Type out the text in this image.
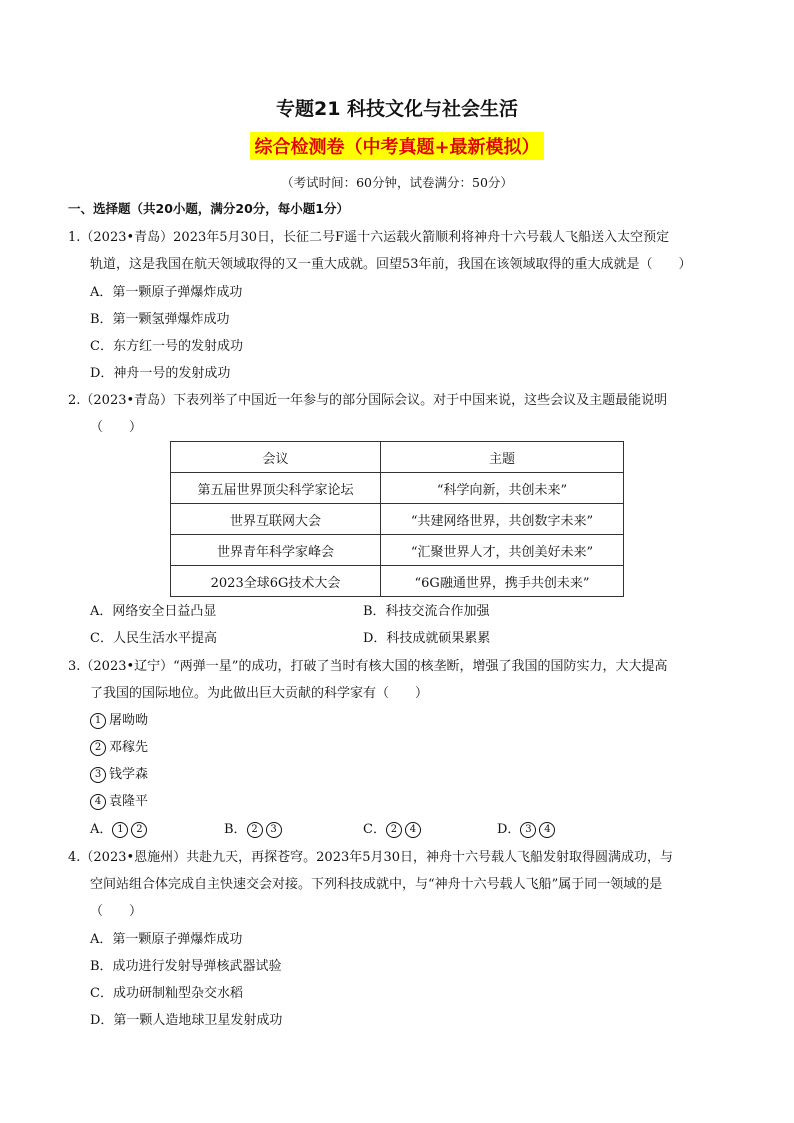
专题21 科技文化与社会生活
综合检测卷（中考真题+最新模拟）
（考试时间：60分钟，试卷满分：50分）
一、选择题（共20小题，满分20分，每小题1分）
1.（2023•青岛）2023年5月30日，长征二号F遥十六运载火箭顺利将神舟十六号载人飞船送入太空预定
轨道，这是我国在航天领域取得的又一重大成就。回望53年前，我国在该领域取得的重大成就是（　　）
A．第一颗原子弹爆炸成功
B．第一颗氢弹爆炸成功
C．东方红一号的发射成功
D．神舟一号的发射成功
2.（2023•青岛）下表列举了中国近一年参与的部分国际会议。对于中国来说，这些会议及主题最能说明
（　　）
会议	主题
第五届世界顶尖科学家论坛	“科学向新，共创未来”
世界互联网大会	“共建网络世界，共创数字未来”
世界青年科学家峰会	“汇聚世界人才，共创美好未来”
2023全球6G技术大会	“6G融通世界，携手共创未来”
A．网络安全日益凸显	B．科技交流合作加强
C．人民生活水平提高	D．科技成就硕果累累
3.（2023•辽宁）“两弹一星”的成功，打破了当时有核大国的核垄断，增强了我国的国防实力，大大提高
了我国的国际地位。为此做出巨大贡献的科学家有（　　）
1 屠呦呦
2 邓稼先
3 钱学森
4 袁隆平
A． 1 2	B． 2 3	C． 2 4	D． 3 4
4.（2023•恩施州）共赴九天，再探苍穹。2023年5月30日，神舟十六号载人飞船发射取得圆满成功，与
空间站组合体完成自主快速交会对接。下列科技成就中，与“神舟十六号载人飞船”属于同一领域的是
（　　）
A．第一颗原子弹爆炸成功
B．成功进行发射导弹核武器试验
C．成功研制籼型杂交水稻
D．第一颗人造地球卫星发射成功
